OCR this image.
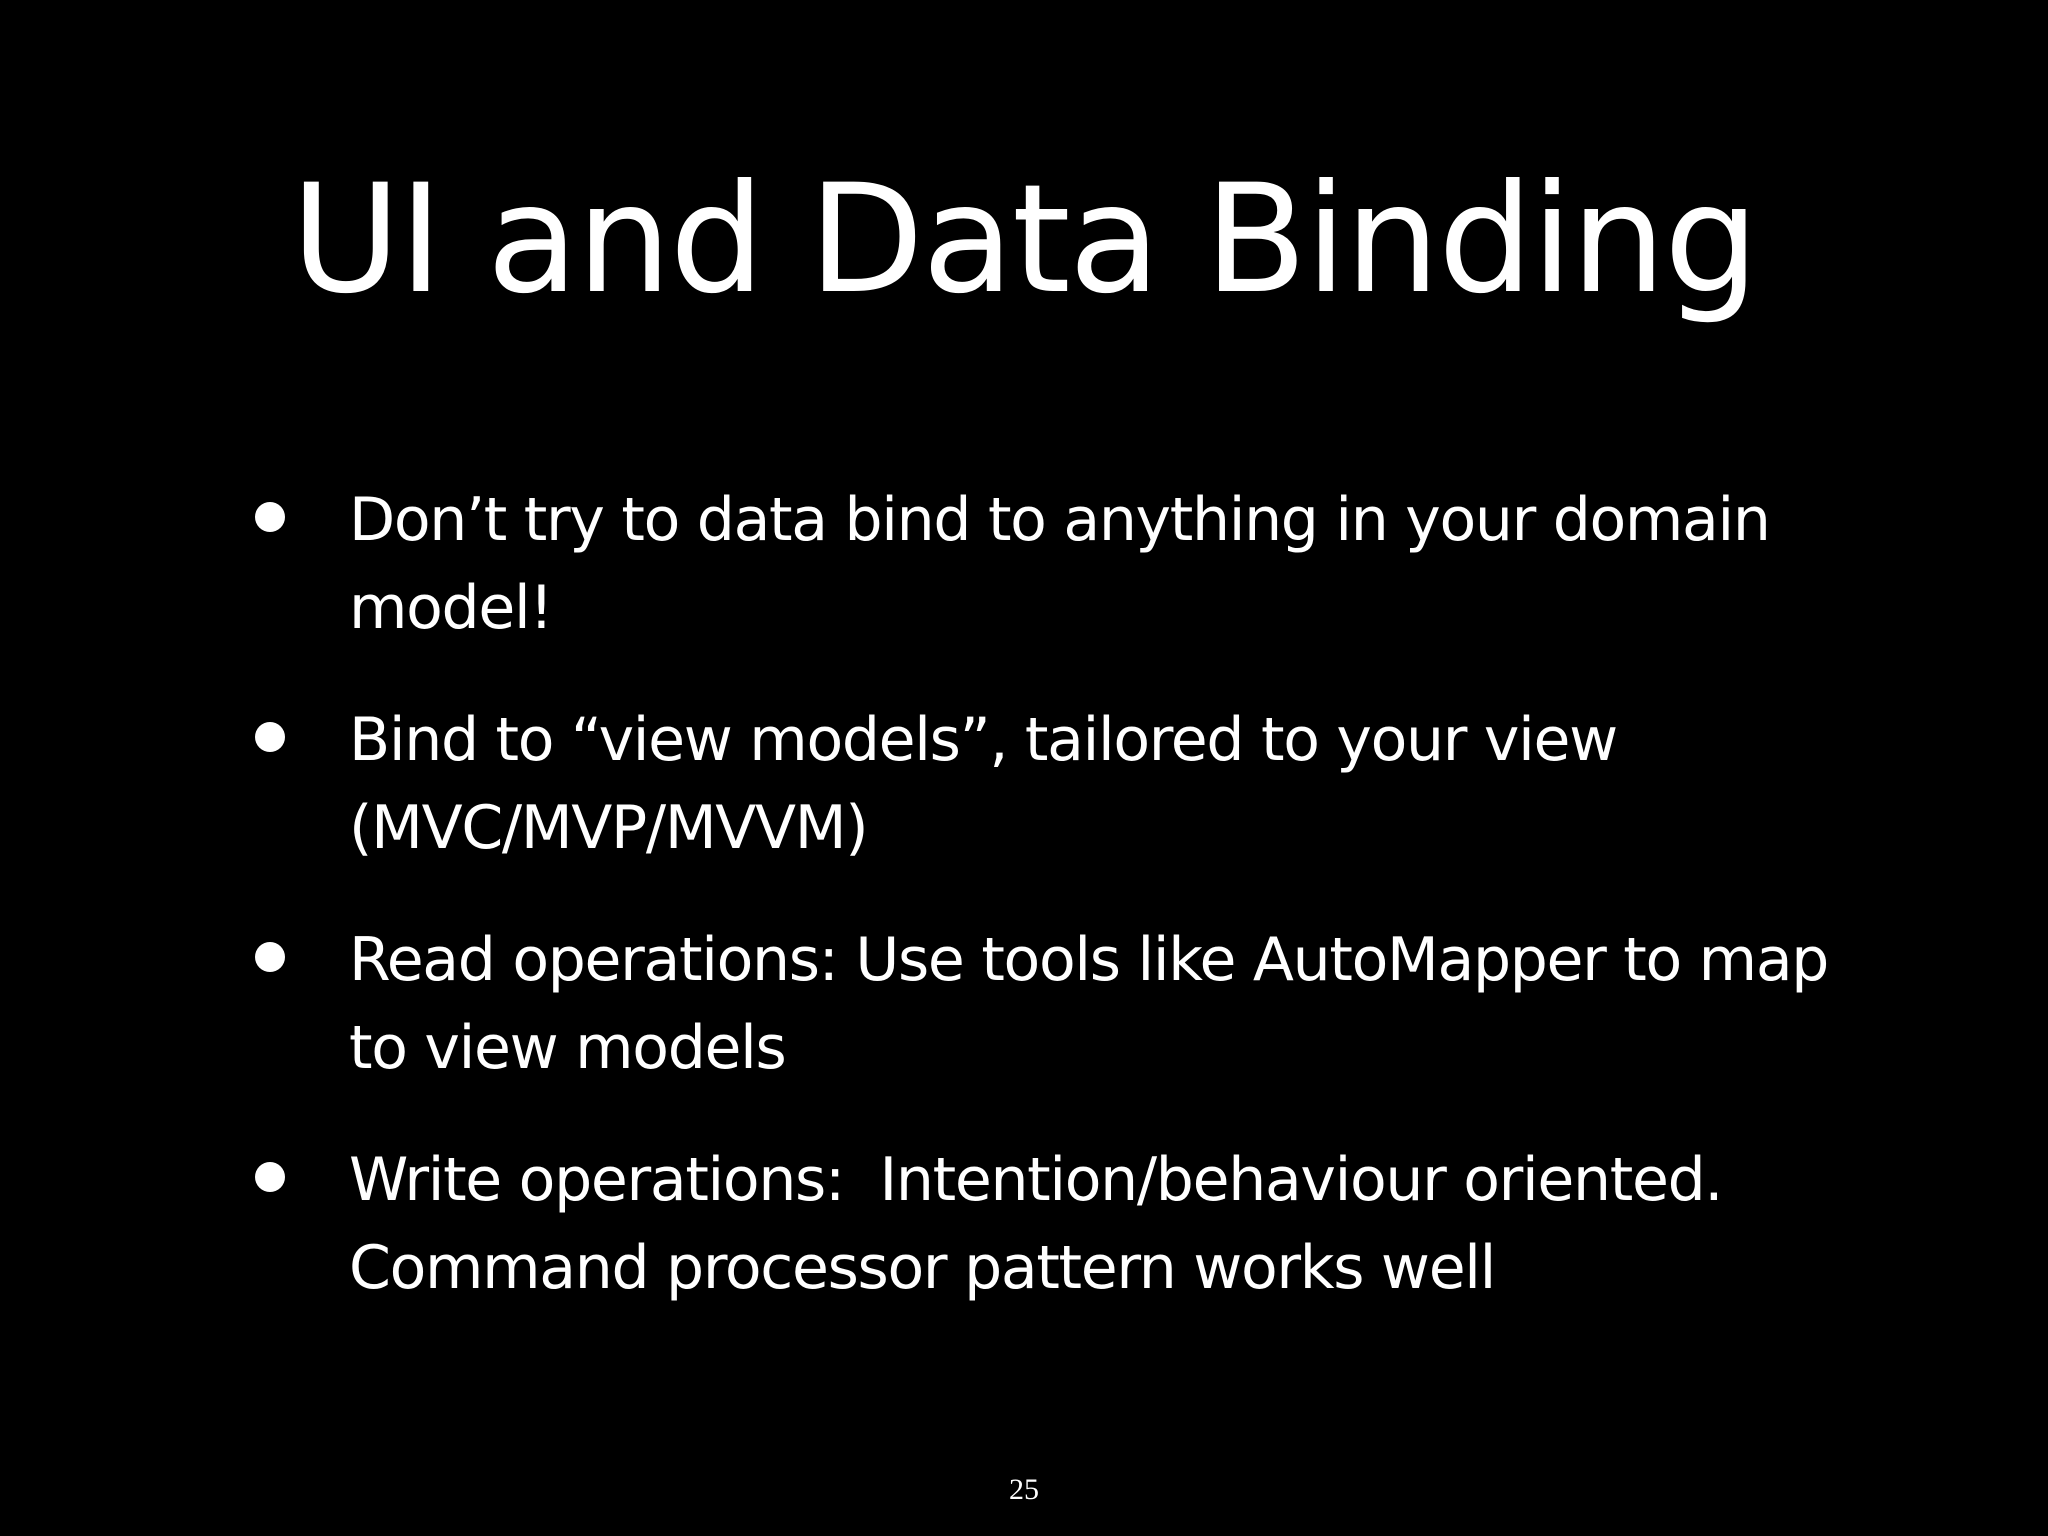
UI and Data Binding
Don’t try to data bind to anything in your domain model!
Bind to “view models”, tailored to your view (MVC/MVP/MVVM)
Read operations: Use tools like AutoMapper to map to view models
Write operations:  Intention/behaviour oriented. Command processor pattern works well
25
